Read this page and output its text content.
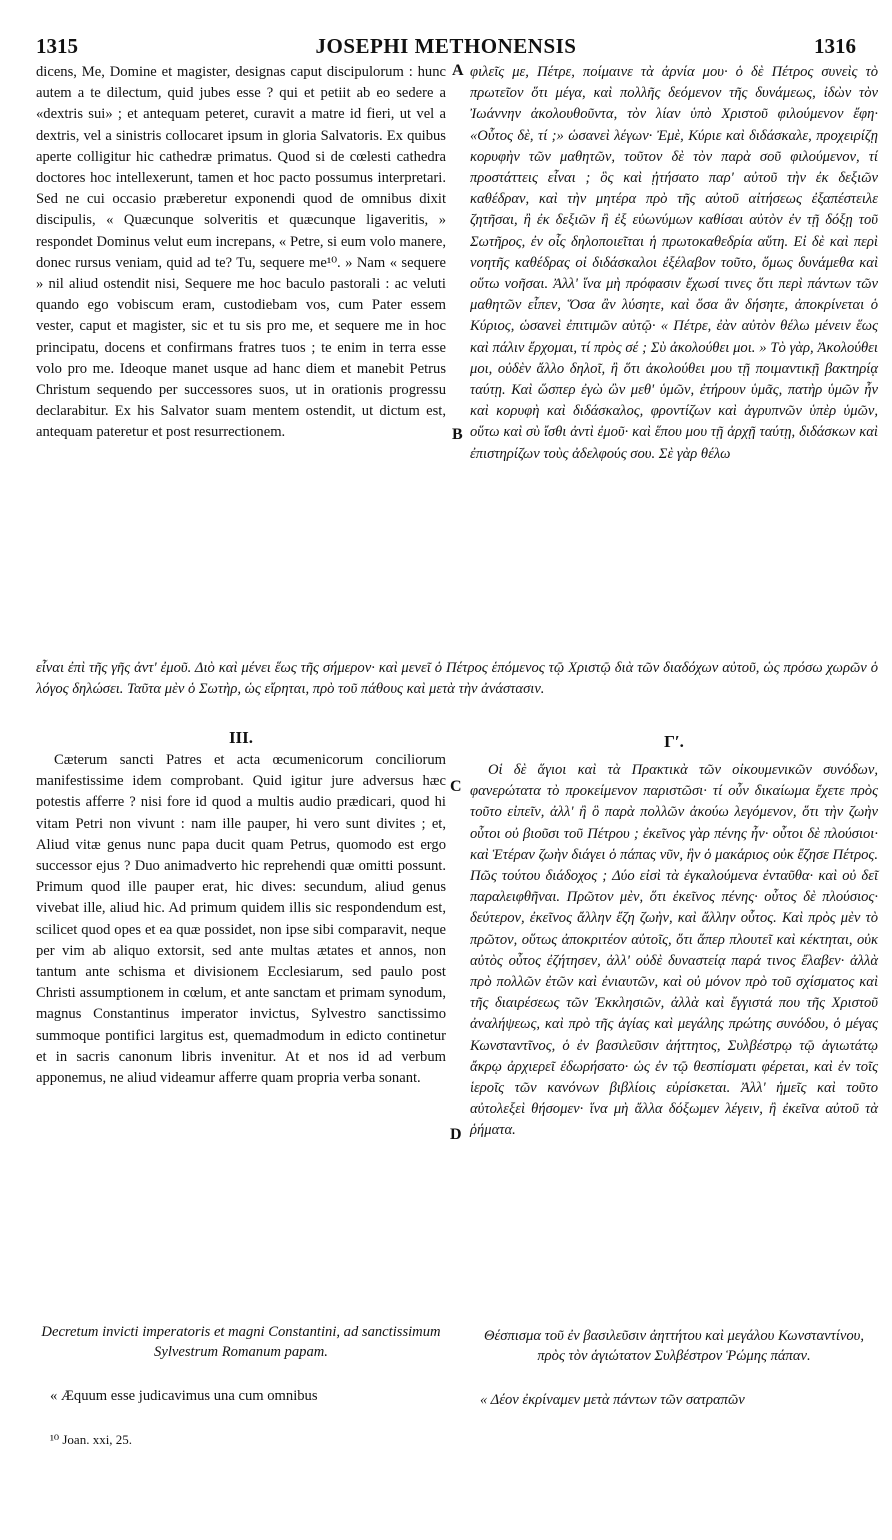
1315	JOSEPHI METHONENSIS	1316

dicens, Me, Domine et magister, designas caput discipulorum : hunc autem a te dilectum, quid jubes esse ? qui et petiit ab eo sedere a «dextris sui» ; et antequam peteret, curavit a matre id fieri, ut vel a dextris, vel a sinistris collocaret ipsum in gloria Salvatoris. Ex quibus aperte colligitur hic cathedræ primatus. Quod si de cœlesti cathedra doctores hoc intellexerunt, tamen et hoc pacto possumus interpretari. Sed ne cui occasio præberetur exponendi quod de omnibus dixit discipulis, « Quæcunque solveritis et quæcunque ligaveritis, » respondet Dominus velut eum increpans, « Petre, si eum volo manere, donec rursus veniam, quid ad te? Tu, sequere me¹⁰. » Nam « sequere » nil aliud ostendit nisi, Sequere me hoc baculo pastorali : ac veluti quando ego vobiscum eram, custodiebam vos, cum Pater essem vester, caput et magister, sic et tu sis pro me, et sequere me in hoc principatu, docens et confirmans fratres tuos ; te enim in terra esse volo pro me. Ideoque manet usque ad hanc diem et manebit Petrus Christum sequendo per successores suos, ut in orationis progressu declarabitur. Ex his Salvator suam mentem ostendit, ut dictum est, antequam pateretur et post resurrectionem.

φιλεῖς με, Πέτρε, ποίμαινε τὰ ἀρνία μου· ὁ δὲ Πέτρος συνεὶς τὸ πρωτεῖον ὅτι μέγα, καὶ πολλῆς δεόμενον τῆς δυνάμεως, ἰδὼν τὸν Ἰωάννην ἀκολουθοῦντα, τὸν λίαν ὑπὸ Χριστοῦ φιλούμενον ἔφη· «Οὗτος δὲ, τί ;» ὡσανεὶ λέγων· Ἐμὲ, Κύριε καὶ διδάσκαλε, προχειρίζῃ κορυφὴν τῶν μαθητῶν, τοῦτον δὲ τὸν παρὰ σοῦ φιλούμενον, τί προστάττεις εἶναι ; ὃς καὶ ᾐτήσατο παρ' αὐτοῦ τὴν ἐκ δεξιῶν καθέδραν, καὶ τὴν μητέρα πρὸ τῆς αὐτοῦ αἰτήσεως ἐξαπέστειλε ζητῆσαι, ἢ ἐκ δεξιῶν ἢ ἐξ εὐωνύμων καθίσαι αὐτὸν ἐν τῇ δόξῃ τοῦ Σωτῆρος, ἐν οἷς δηλοποιεῖται ἡ πρωτοκαθεδρία αὕτη. Εἰ δὲ καὶ περὶ νοητῆς καθέδρας οἱ διδάσκαλοι ἐξέλαβον τοῦτο, ὅμως δυνάμεθα καὶ οὕτω νοῆσαι. Ἀλλ' ἵνα μὴ πρόφασιν ἔχωσί τινες ὅτι περὶ πάντων τῶν μαθητῶν εἶπεν, Ὅσα ἂν λύσητε, καὶ ὅσα ἂν δήσητε, ἀποκρίνεται ὁ Κύριος, ὡσανεὶ ἐπιτιμῶν αὐτῷ· « Πέτρε, ἐὰν αὐτὸν θέλω μένειν ἕως καὶ πάλιν ἔρχομαι, τί πρὸς σέ ; Σὺ ἀκολούθει μοι. » Τὸ γὰρ, Ἀκολούθει μοι, οὐδὲν ἄλλο δηλοῖ, ἢ ὅτι ἀκολούθει μου τῇ ποιμαντικῇ βακτηρίᾳ ταύτῃ. Καὶ ὥσπερ ἐγὼ ὢν μεθ' ὑμῶν, ἐτήρουν ὑμᾶς, πατὴρ ὑμῶν ἦν καὶ κορυφὴ καὶ διδάσκαλος, φροντίζων καὶ ἀγρυπνῶν ὑπὲρ ὑμῶν, οὕτω καὶ σὺ ἴσθι ἀντὶ ἐμοῦ· καὶ ἕπου μου τῇ ἀρχῇ ταύτῃ, διδάσκων καὶ ἐπιστηρίζων τοὺς ἀδελφούς σου. Σὲ γὰρ θέλω

A
B
C
D
εἶναι ἐπὶ τῆς γῆς ἀντ' ἐμοῦ. Διὸ καὶ μένει ἕως τῆς σήμερον· καὶ μενεῖ ὁ Πέτρος ἑπόμενος τῷ Χριστῷ διὰ τῶν διαδόχων αὐτοῦ, ὡς πρόσω χωρῶν ὁ λόγος δηλώσει. Ταῦτα μὲν ὁ Σωτὴρ, ὡς εἴρηται, πρὸ τοῦ πάθους καὶ μετὰ τὴν ἀνάστασιν.
III.	Γʹ.

Cæterum sancti Patres et acta œcumenicorum conciliorum manifestissime idem comprobant. Quid igitur jure adversus hæc potestis afferre ? nisi fore id quod a multis audio prædicari, quod hi vitam Petri non vivunt : nam ille pauper, hi vero sunt divites ; et, Aliud vitæ genus nunc papa ducit quam Petrus, quomodo est ergo successor ejus ? Duo animadverto hic reprehendi quæ omitti possunt. Primum quod ille pauper erat, hic dives: secundum, aliud genus vivebat ille, aliud hic. Ad primum quidem illis sic respondendum est, scilicet quod opes et ea quæ possidet, non ipse sibi comparavit, neque per vim ab aliquo extorsit, sed ante multas ætates et annos, non tantum ante schisma et divisionem Ecclesiarum, sed paulo post Christi assumptionem in cœlum, et ante sanctam et primam synodum, magnus Constantinus imperator invictus, Sylvestro sanctissimo summoque pontifici largitus est, quemadmodum in edicto continetur et in sacris canonum libris invenitur. At et nos id ad verbum apponemus, ne aliud videamur afferre quam propria verba sonant.

Οἱ δὲ ἅγιοι καὶ τὰ Πρακτικὰ τῶν οἰκουμενικῶν συνόδων, φανερώτατα τὸ προκείμενον παριστῶσι· τί οὖν δικαίωμα ἔχετε πρὸς τοῦτο εἰπεῖν, ἀλλ' ἢ ὃ παρὰ πολλῶν ἀκούω λεγόμενον, ὅτι τὴν ζωὴν οὗτοι οὐ βιοῦσι τοῦ Πέτρου ; ἐκεῖνος γὰρ πένης ἦν· οὗτοι δὲ πλούσιοι· καὶ Ἑτέραν ζωὴν διάγει ὁ πάπας νῦν, ἣν ὁ μακάριος οὐκ ἔζησε Πέτρος. Πῶς τούτου διάδοχος ; Δύο εἰσὶ τὰ ἐγκαλούμενα ἐνταῦθα· καὶ οὐ δεῖ παραλειφθῆναι. Πρῶτον μὲν, ὅτι ἐκεῖνος πένης· οὗτος δὲ πλούσιος· δεύτερον, ἐκεῖνος ἄλλην ἔζη ζωὴν, καὶ ἄλλην οὗτος. Καὶ πρὸς μὲν τὸ πρῶτον, οὕτως ἀποκριτέον αὐτοῖς, ὅτι ἅπερ πλουτεῖ καὶ κέκτηται, οὐκ αὐτὸς οὗτος ἐζήτησεν, ἀλλ' οὐδὲ δυναστείᾳ παρά τινος ἔλαβεν· ἀλλὰ πρὸ πολλῶν ἐτῶν καὶ ἐνιαυτῶν, καὶ οὐ μόνον πρὸ τοῦ σχίσματος καὶ τῆς διαιρέσεως τῶν Ἐκκλησιῶν, ἀλλὰ καὶ ἔγγιστά που τῆς Χριστοῦ ἀναλήψεως, καὶ πρὸ τῆς ἁγίας καὶ μεγάλης πρώτης συνόδου, ὁ μέγας Κωνσταντῖνος, ὁ ἐν βασιλεῦσιν ἀήττητος, Συλβέστρῳ τῷ ἁγιωτάτῳ ἄκρῳ ἀρχιερεῖ ἐδωρήσατο· ὡς ἐν τῷ θεσπίσματι φέρεται, καὶ ἐν τοῖς ἱεροῖς τῶν κανόνων βιβλίοις εὑρίσκεται. Ἀλλ' ἡμεῖς καὶ τοῦτο αὐτολεξεὶ θήσομεν· ἵνα μὴ ἄλλα δόξωμεν λέγειν, ἢ ἐκεῖνα αὐτοῦ τὰ ῥήματα.

Decretum invicti imperatoris et magni Constantini, ad sanctissimum Sylvestrum Romanum papam.
Θέσπισμα τοῦ ἐν βασιλεῦσιν ἀηττήτου καὶ μεγάλου Κωνσταντίνου, πρὸς τὸν ἁγιώτατον Συλβέστρον Ῥώμης πάπαν.
« Æquum esse judicavimus una cum omnibus	« Δέον ἐκρίναμεν μετὰ πάντων τῶν σατραπῶν
¹⁰ Joan. xxi, 25.
